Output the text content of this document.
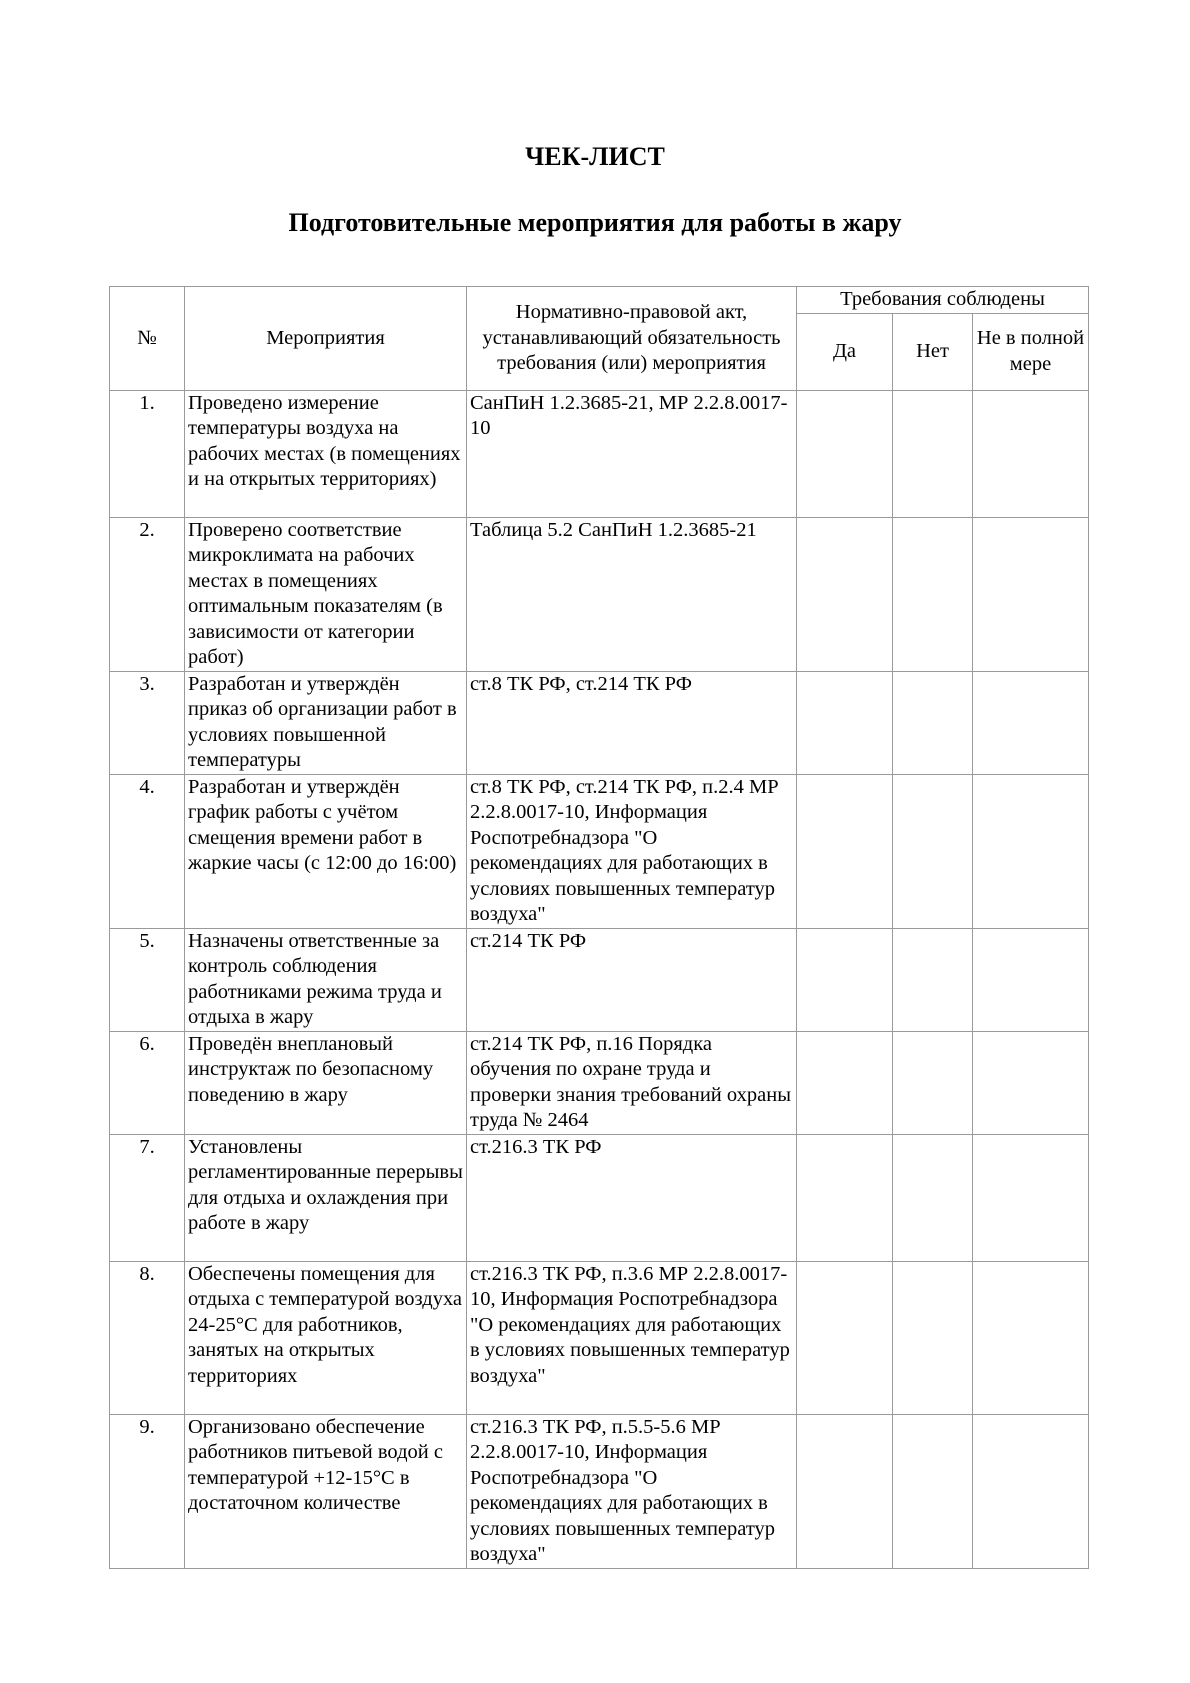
ЧЕК-ЛИСТ
Подготовительные мероприятия для работы в жару
№	Мероприятия	Нормативно-правовой акт, устанавливающий обязательность требования (или) мероприятия	Требования соблюдены		
			Да	Нет	Не в полной мере
1.	Проведено измерение температуры воздуха на рабочих местах (в помещениях и на открытых территориях)	СанПиН 1.2.3685-21, МР 2.2.8.0017-10			
2.	Проверено соответствие микроклимата на рабочих местах в помещениях оптимальным показателям (в зависимости от категории работ)	Таблица 5.2 СанПиН 1.2.3685-21			
3.	Разработан и утверждён приказ об организации работ в условиях повышенной температуры	ст.8 ТК РФ, ст.214 ТК РФ			
4.	Разработан и утверждён график работы с учётом смещения времени работ в жаркие часы (с 12:00 до 16:00)	ст.8 ТК РФ, ст.214 ТК РФ, п.2.4 МР 2.2.8.0017-10, Информация Роспотребнадзора "О рекомендациях для работающих в условиях повышенных температур воздуха"			
5.	Назначены ответственные за контроль соблюдения работниками режима труда и отдыха в жару	ст.214 ТК РФ			
6.	Проведён внеплановый инструктаж по безопасному поведению в жару	ст.214 ТК РФ, п.16 Порядка обучения по охране труда и проверки знания требований охраны труда № 2464			
7.	Установлены регламентированные перерывы для отдыха и охлаждения при работе в жару	ст.216.3 ТК РФ			
8.	Обеспечены помещения для отдыха с температурой воздуха 24-25°С для работников, занятых на открытых территориях	ст.216.3 ТК РФ, п.3.6 МР 2.2.8.0017-10, Информация Роспотребнадзора "О рекомендациях для работающих в условиях повышенных температур воздуха"			
9.	Организовано обеспечение работников питьевой водой с температурой +12-15°С в достаточном количестве	ст.216.3 ТК РФ, п.5.5-5.6 МР 2.2.8.0017-10, Информация Роспотребнадзора "О рекомендациях для работающих в условиях повышенных температур воздуха"			
